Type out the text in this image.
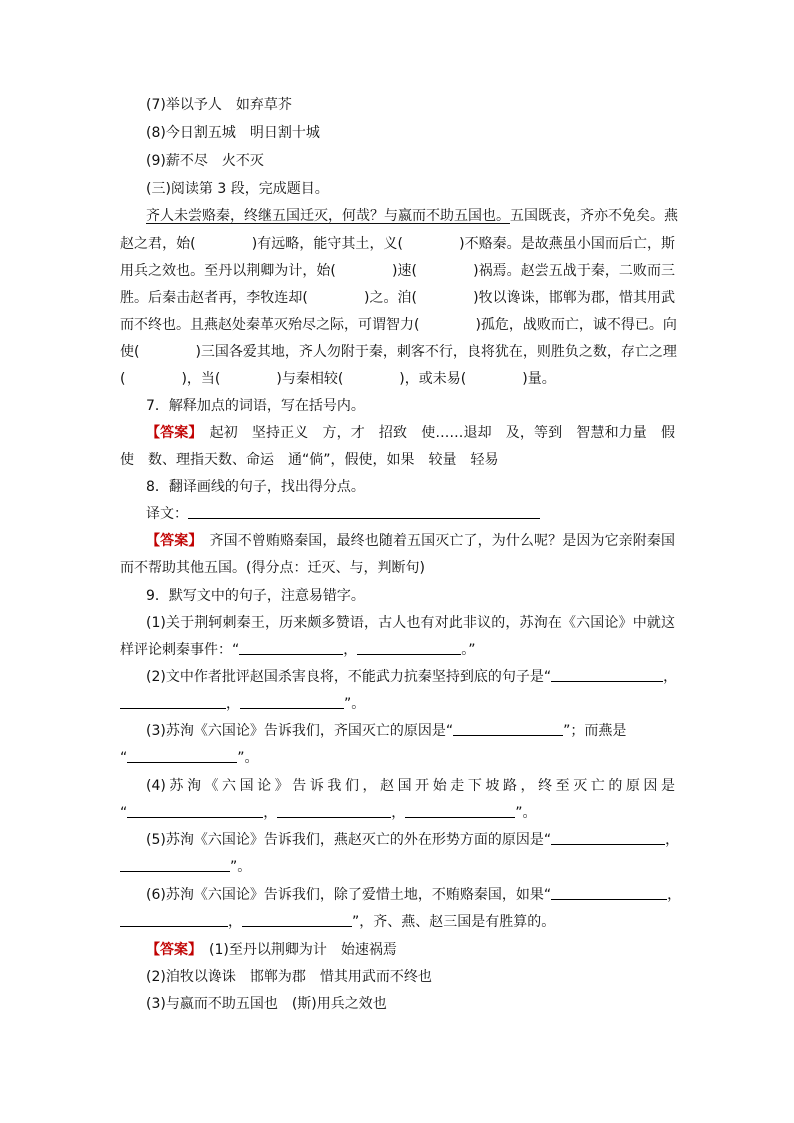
(7)举以予人　如弃草芥
(8)今日割五城　明日割十城
(9)薪不尽　火不灭
(三)阅读第 3 段，完成题目。
齐人未尝赂秦，终继五国迁灭，何哉？与嬴而不助五国也。五国既丧，齐亦不免矣。燕
赵之君，始(　　　　)有远略，能守其土，义(　　　　)不赂秦。是故燕虽小国而后亡，斯
用兵之效也。至丹以荆卿为计，始(　　　　)速(　　　　)祸焉。赵尝五战于秦，二败而三
胜。后秦击赵者再，李牧连却(　　　　)之。洎(　　　　)牧以谗诛，邯郸为郡，惜其用武
而不终也。且燕赵处秦革灭殆尽之际，可谓智力(　　　　)孤危，战败而亡，诚不得已。向
使(　　　　)三国各爱其地，齐人勿附于秦，刺客不行，良将犹在，则胜负之数，存亡之理
(　　　　)，当(　　　　)与秦相较(　　　　)，或未易(　　　　)量。
7．解释加点的词语，写在括号内。
【答案】　 起初　坚持正义　方，才　招致　使……退却　及，等到　智慧和力量　假
使　数、理指天数、命运　通“倘”，假使，如果　较量　轻易
8．翻译画线的句子，找出得分点。
译文：
【答案】　 齐国不曾贿赂秦国，最终也随着五国灭亡了，为什么呢？是因为它亲附秦国
而不帮助其他五国。(得分点：迁灭、与，判断句)
9．默写文中的句子，注意易错字。
(1)关于荆轲刺秦王，历来颇多赞语，古人也有对此非议的，苏洵在《六国论》中就这
样评论刺秦事件：“	，	。”
(2)文中作者批评赵国杀害良将，不能武力抗秦坚持到底的句子是“	，
，	”。
(3)苏洵《六国论》告诉我们，齐国灭亡的原因是“	”；而燕是
“	”。
(4)苏洵《六国论》告诉我们，赵国开始走下坡路，终至灭亡的原因是
“	，	，	”。
(5)苏洵《六国论》告诉我们，燕赵灭亡的外在形势方面的原因是“	，
”。
(6)苏洵《六国论》告诉我们，除了爱惜土地，不贿赂秦国，如果“	，
，	”，齐、燕、赵三国是有胜算的。
【答案】　 (1)至丹以荆卿为计　始速祸焉
(2)洎牧以谗诛　邯郸为郡　惜其用武而不终也
(3)与嬴而不助五国也　(斯)用兵之效也
